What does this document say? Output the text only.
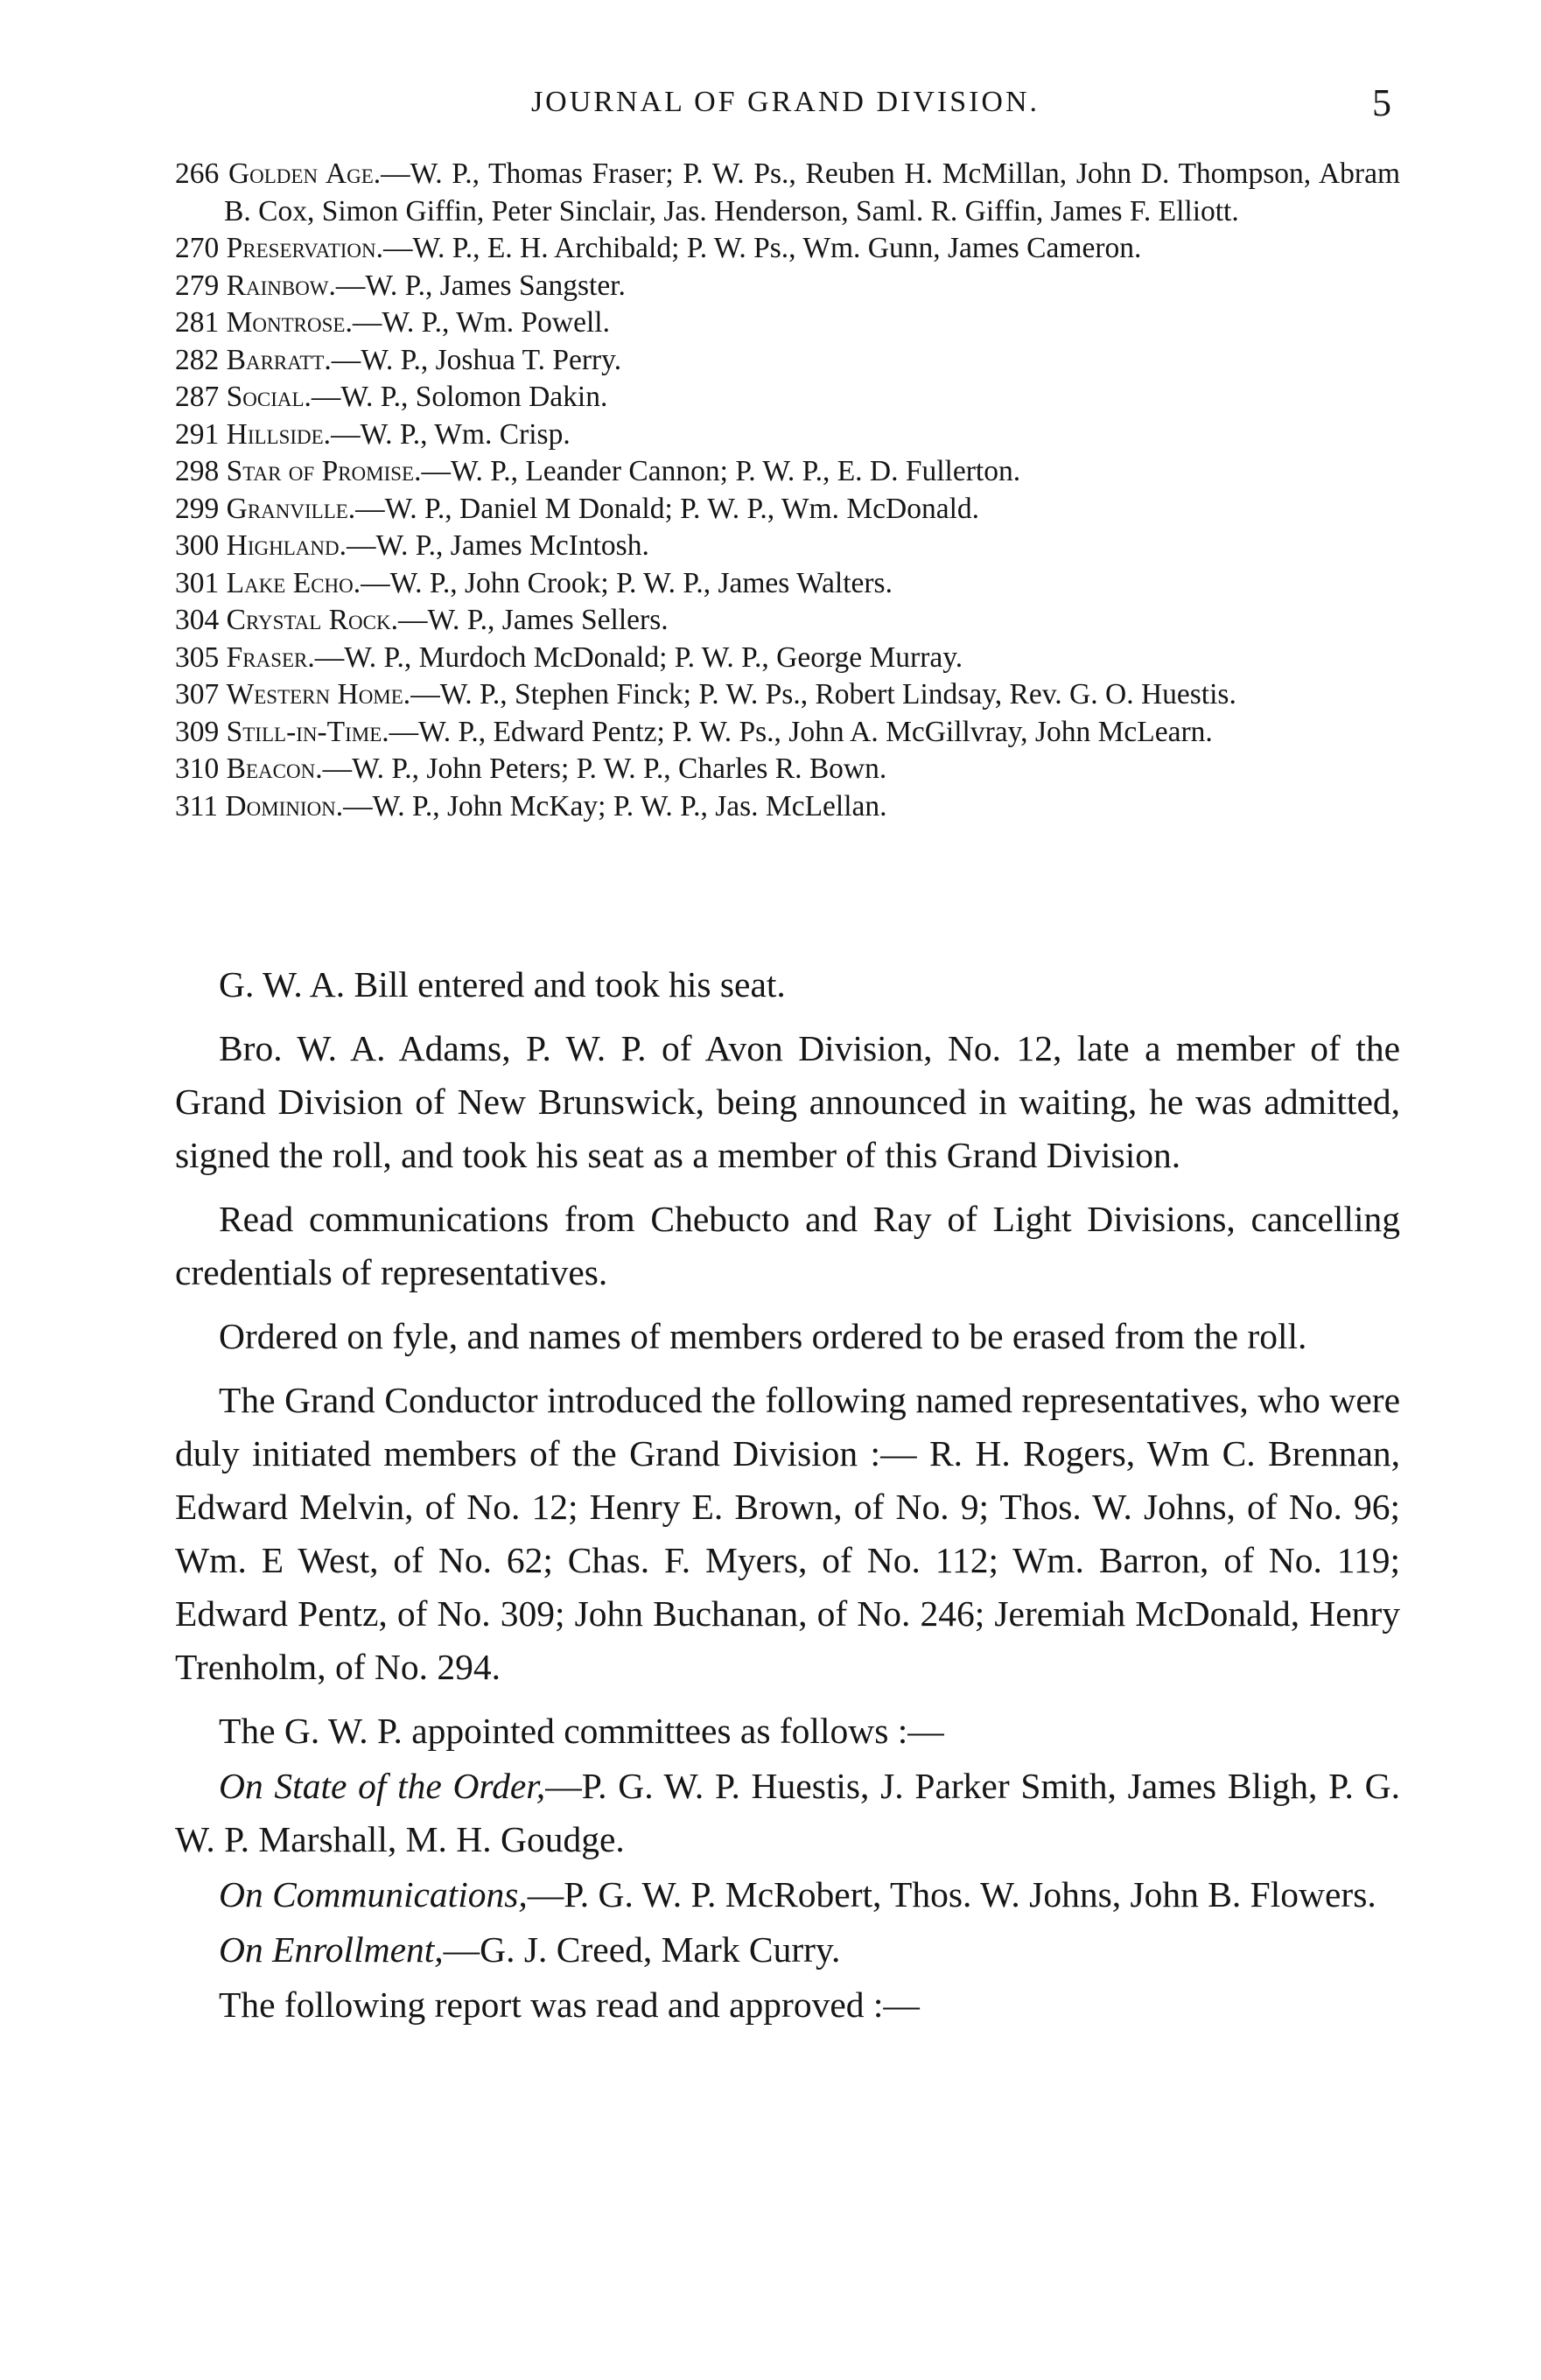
JOURNAL OF GRAND DIVISION.	5
266 Golden Age.—W. P., Thomas Fraser; P. W. Ps., Reuben H. McMillan, John D. Thompson, Abram B. Cox, Simon Giffin, Peter Sinclair, Jas. Henderson, Saml. R. Giffin, James F. Elliott.
270 Preservation.—W. P., E. H. Archibald; P. W. Ps., Wm. Gunn, James Cameron.
279 Rainbow.—W. P., James Sangster.
281 Montrose.—W. P., Wm. Powell.
282 Barratt.—W. P., Joshua T. Perry.
287 Social.—W. P., Solomon Dakin.
291 Hillside.—W. P., Wm. Crisp.
298 Star of Promise.—W. P., Leander Cannon; P. W. P., E. D. Fullerton.
299 Granville.—W. P., Daniel M Donald; P. W. P., Wm. McDonald.
300 Highland.—W. P., James McIntosh.
301 Lake Echo.—W. P., John Crook; P. W. P., James Walters.
304 Crystal Rock.—W. P., James Sellers.
305 Fraser.—W. P., Murdoch McDonald; P. W. P., George Murray.
307 Western Home.—W. P., Stephen Finck; P. W. Ps., Robert Lindsay, Rev. G. O. Huestis.
309 Still-in-Time.—W. P., Edward Pentz; P. W. Ps., John A. McGillvray, John McLearn.
310 Beacon.—W. P., John Peters; P. W. P., Charles R. Bown.
311 Dominion.—W. P., John McKay; P. W. P., Jas. McLellan.

G. W. A. Bill entered and took his seat.

Bro. W. A. Adams, P. W. P. of Avon Division, No. 12, late a member of the Grand Division of New Brunswick, being announced in waiting, he was admitted, signed the roll, and took his seat as a member of this Grand Division.

Read communications from Chebucto and Ray of Light Divisions, cancelling credentials of representatives.

Ordered on fyle, and names of members ordered to be erased from the roll.

The Grand Conductor introduced the following named representatives, who were duly initiated members of the Grand Division :— R. H. Rogers, Wm C. Brennan, Edward Melvin, of No. 12; Henry E. Brown, of No. 9; Thos. W. Johns, of No. 96; Wm. E West, of No. 62; Chas. F. Myers, of No. 112; Wm. Barron, of No. 119; Edward Pentz, of No. 309; John Buchanan, of No. 246; Jeremiah McDonald, Henry Trenholm, of No. 294.

The G. W. P. appointed committees as follows :—

On State of the Order,—P. G. W. P. Huestis, J. Parker Smith, James Bligh, P. G. W. P. Marshall, M. H. Goudge.

On Communications,—P. G. W. P. McRobert, Thos. W. Johns, John B. Flowers.

On Enrollment,—G. J. Creed, Mark Curry.

The following report was read and approved :—
